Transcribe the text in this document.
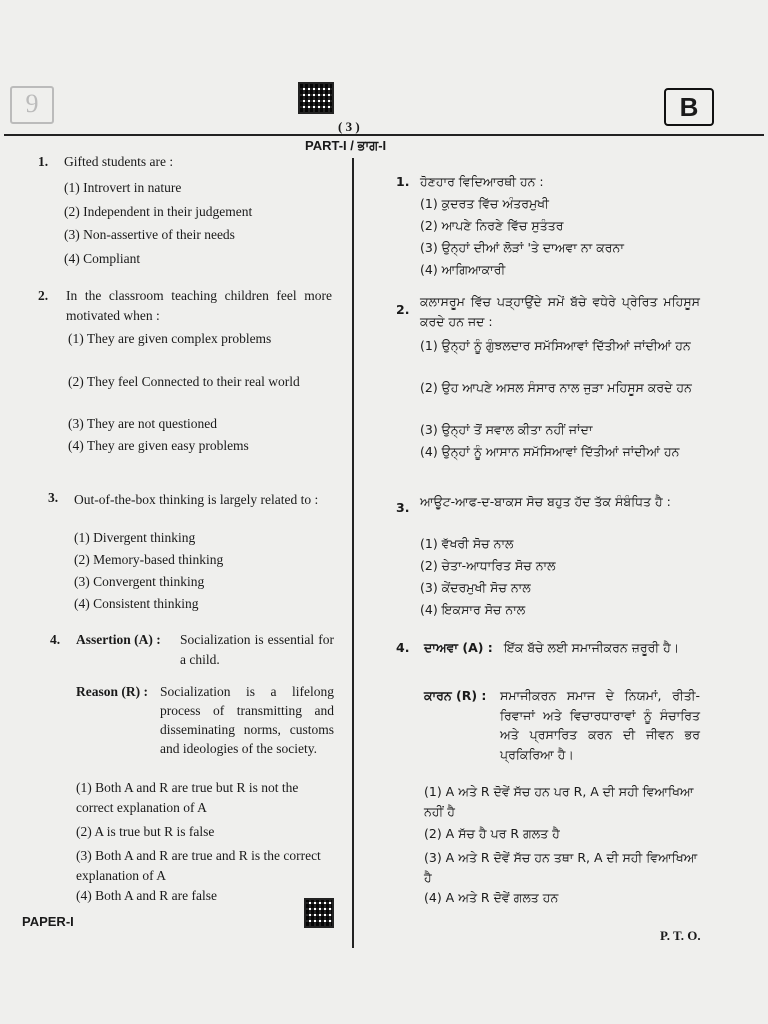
9	B
( 3 )
PART-I / ਭਾਗ-I
1. Gifted students are :
(1) Introvert in nature
(2) Independent in their judgement
(3) Non-assertive of their needs
(4) Compliant
2. In the classroom teaching children feel more motivated when :
(1) They are given complex problems
(2) They feel Connected to their real world
(3) They are not questioned
(4) They are given easy problems
3. Out-of-the-box thinking is largely related to :
(1) Divergent thinking
(2) Memory-based thinking
(3) Convergent thinking
(4) Consistent thinking
4. Assertion (A) : Socialization is essential for a child.
Reason (R) : Socialization is a lifelong process of transmitting and disseminating norms, customs and ideologies of the society.
(1) Both A and R are true but R is not the correct explanation of A
(2) A is true but R is false
(3) Both A and R are true and R is the correct explanation of A
(4) Both A and R are false
1. ਹੋਣਹਾਰ ਵਿਦਿਆਰਥੀ ਹਨ :
(1) ਕੁਦਰਤ ਵਿੱਚ ਅੰਤਰਮੁਖੀ
(2) ਆਪਣੇ ਨਿਰਣੇ ਵਿੱਚ ਸੁਤੰਤਰ
(3) ਉਨ੍ਹਾਂ ਦੀਆਂ ਲੋੜਾਂ 'ਤੇ ਦਾਅਵਾ ਨਾ ਕਰਨਾ
(4) ਆਗਿਆਕਾਰੀ
2.
ਕਲਾਸਰੂਮ ਵਿੱਚ ਪੜ੍ਹਾਉਂਦੇ ਸਮੇਂ ਬੱਚੇ ਵਧੇਰੇ ਪ੍ਰੇਰਿਤ ਮਹਿਸੂਸ ਕਰਦੇ ਹਨ ਜਦ :
(1) ਉਨ੍ਹਾਂ ਨੂੰ ਗੁੰਝਲਦਾਰ ਸਮੱਸਿਆਵਾਂ ਦਿੱਤੀਆਂ ਜਾਂਦੀਆਂ ਹਨ
(2) ਉਹ ਆਪਣੇ ਅਸਲ ਸੰਸਾਰ ਨਾਲ ਜੁੜਾ ਮਹਿਸੂਸ ਕਰਦੇ ਹਨ
(3) ਉਨ੍ਹਾਂ ਤੋਂ ਸਵਾਲ ਕੀਤਾ ਨਹੀਂ ਜਾਂਦਾ
(4) ਉਨ੍ਹਾਂ ਨੂੰ ਆਸਾਨ ਸਮੱਸਿਆਵਾਂ ਦਿੱਤੀਆਂ ਜਾਂਦੀਆਂ ਹਨ
3. ਆਊਟ-ਆਫ-ਦ-ਬਾਕਸ ਸੋਚ ਬਹੁਤ ਹੱਦ ਤੱਕ ਸੰਬੰਧਿਤ ਹੈ :
(1) ਵੱਖਰੀ ਸੋਚ ਨਾਲ
(2) ਚੇਤਾ-ਆਧਾਰਿਤ ਸੋਚ ਨਾਲ
(3) ਕੇਂਦਰਮੁਖੀ ਸੋਚ ਨਾਲ
(4) ਇਕਸਾਰ ਸੋਚ ਨਾਲ
4. ਦਾਅਵਾ (A) : ਇੱਕ ਬੱਚੇ ਲਈ ਸਮਾਜੀਕਰਨ ਜ਼ਰੂਰੀ ਹੈ।
ਕਾਰਨ (R) : ਸਮਾਜੀਕਰਨ ਸਮਾਜ ਦੇ ਨਿਯਮਾਂ, ਰੀਤੀ-ਰਿਵਾਜਾਂ ਅਤੇ ਵਿਚਾਰਧਾਰਾਵਾਂ ਨੂੰ ਸੰਚਾਰਿਤ ਅਤੇ ਪ੍ਰਸਾਰਿਤ ਕਰਨ ਦੀ ਜੀਵਨ ਭਰ ਪ੍ਰਕਿਰਿਆ ਹੈ।
(1) A ਅਤੇ R ਦੋਵੇਂ ਸੱਚ ਹਨ ਪਰ R, A ਦੀ ਸਹੀ ਵਿਆਖਿਆ ਨਹੀਂ ਹੈ
(2) A ਸੱਚ ਹੈ ਪਰ R ਗਲਤ ਹੈ
(3) A ਅਤੇ R ਦੋਵੇਂ ਸੱਚ ਹਨ ਤਥਾ R, A ਦੀ ਸਹੀ ਵਿਆਖਿਆ ਹੈ
(4) A ਅਤੇ R ਦੋਵੇਂ ਗਲਤ ਹਨ
PAPER-I
P. T. O.
